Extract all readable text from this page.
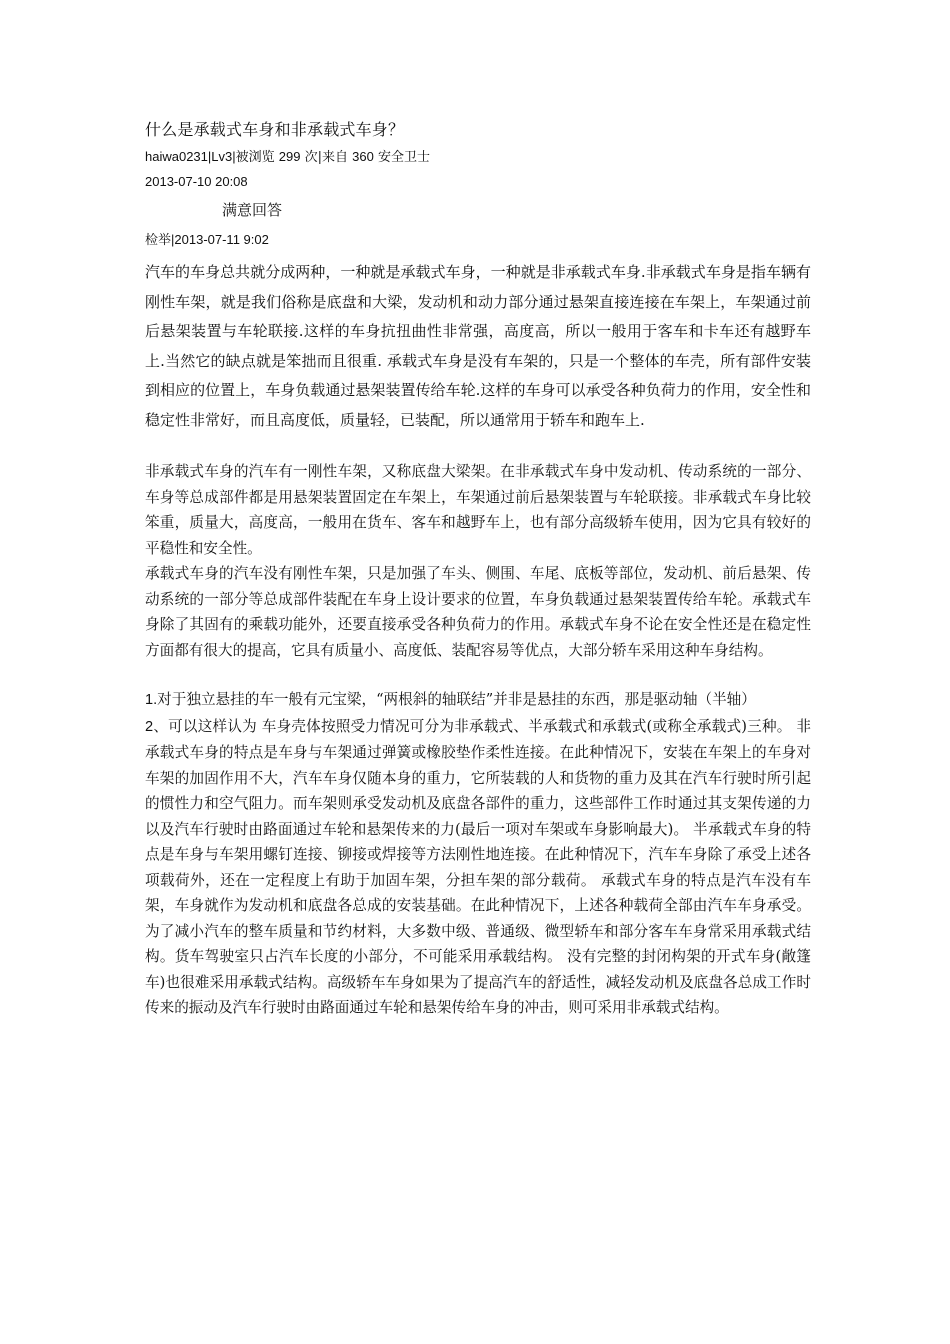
什么是承载式车身和非承载式车身？
haiwa0231|Lv3|被浏览 299 次|来自 360 安全卫士
2013-07-10 20:08
满意回答
检举|2013-07-11 9:02

汽车的车身总共就分成两种，一种就是承载式车身，一种就是非承载式车身.非承载式车身是指车辆有刚性车架，就是我们俗称是底盘和大梁，发动机和动力部分通过悬架直接连接在车架上，车架通过前后悬架装置与车轮联接.这样的车身抗扭曲性非常强，高度高，所以一般用于客车和卡车还有越野车上.当然它的缺点就是笨拙而且很重. 承载式车身是没有车架的，只是一个整体的车壳，所有部件安装到相应的位置上，车身负载通过悬架装置传给车轮.这样的车身可以承受各种负荷力的作用，安全性和稳定性非常好，而且高度低，质量轻，已装配，所以通常用于轿车和跑车上.

非承载式车身的汽车有一刚性车架，又称底盘大梁架。在非承载式车身中发动机、传动系统的一部分、车身等总成部件都是用悬架装置固定在车架上，车架通过前后悬架装置与车轮联接。非承载式车身比较笨重，质量大，高度高，一般用在货车、客车和越野车上，也有部分高级轿车使用，因为它具有较好的平稳性和安全性。

承载式车身的汽车没有刚性车架，只是加强了车头、侧围、车尾、底板等部位，发动机、前后悬架、传动系统的一部分等总成部件装配在车身上设计要求的位置，车身负载通过悬架装置传给车轮。承载式车身除了其固有的乘载功能外，还要直接承受各种负荷力的作用。承载式车身不论在安全性还是在稳定性方面都有很大的提高，它具有质量小、高度低、装配容易等优点，大部分轿车采用这种车身结构。

1.对于独立悬挂的车一般有元宝梁，“两根斜的轴联结”并非是悬挂的东西，那是驱动轴（半轴）

2、可以这样认为 车身壳体按照受力情况可分为非承载式、半承载式和承载式(或称全承载式)三种。 非承载式车身的特点是车身与车架通过弹簧或橡胶垫作柔性连接。在此种情况下，安装在车架上的车身对车架的加固作用不大，汽车车身仅随本身的重力，它所装载的人和货物的重力及其在汽车行驶时所引起的惯性力和空气阻力。而车架则承受发动机及底盘各部件的重力，这些部件工作时通过其支架传递的力以及汽车行驶时由路面通过车轮和悬架传来的力(最后一项对车架或车身影响最大)。 半承载式车身的特点是车身与车架用螺钉连接、铆接或焊接等方法刚性地连接。在此种情况下，汽车车身除了承受上述各项载荷外，还在一定程度上有助于加固车架，分担车架的部分载荷。 承载式车身的特点是汽车没有车架，车身就作为发动机和底盘各总成的安装基础。在此种情况下，上述各种载荷全部由汽车车身承受。为了减小汽车的整车质量和节约材料，大多数中级、普通级、微型轿车和部分客车车身常采用承载式结构。货车驾驶室只占汽车长度的小部分，不可能采用承载结构。 没有完整的封闭构架的开式车身(敞篷车)也很难采用承载式结构。高级轿车车身如果为了提高汽车的舒适性，减轻发动机及底盘各总成工作时传来的振动及汽车行驶时由路面通过车轮和悬架传给车身的冲击，则可采用非承载式结构。
